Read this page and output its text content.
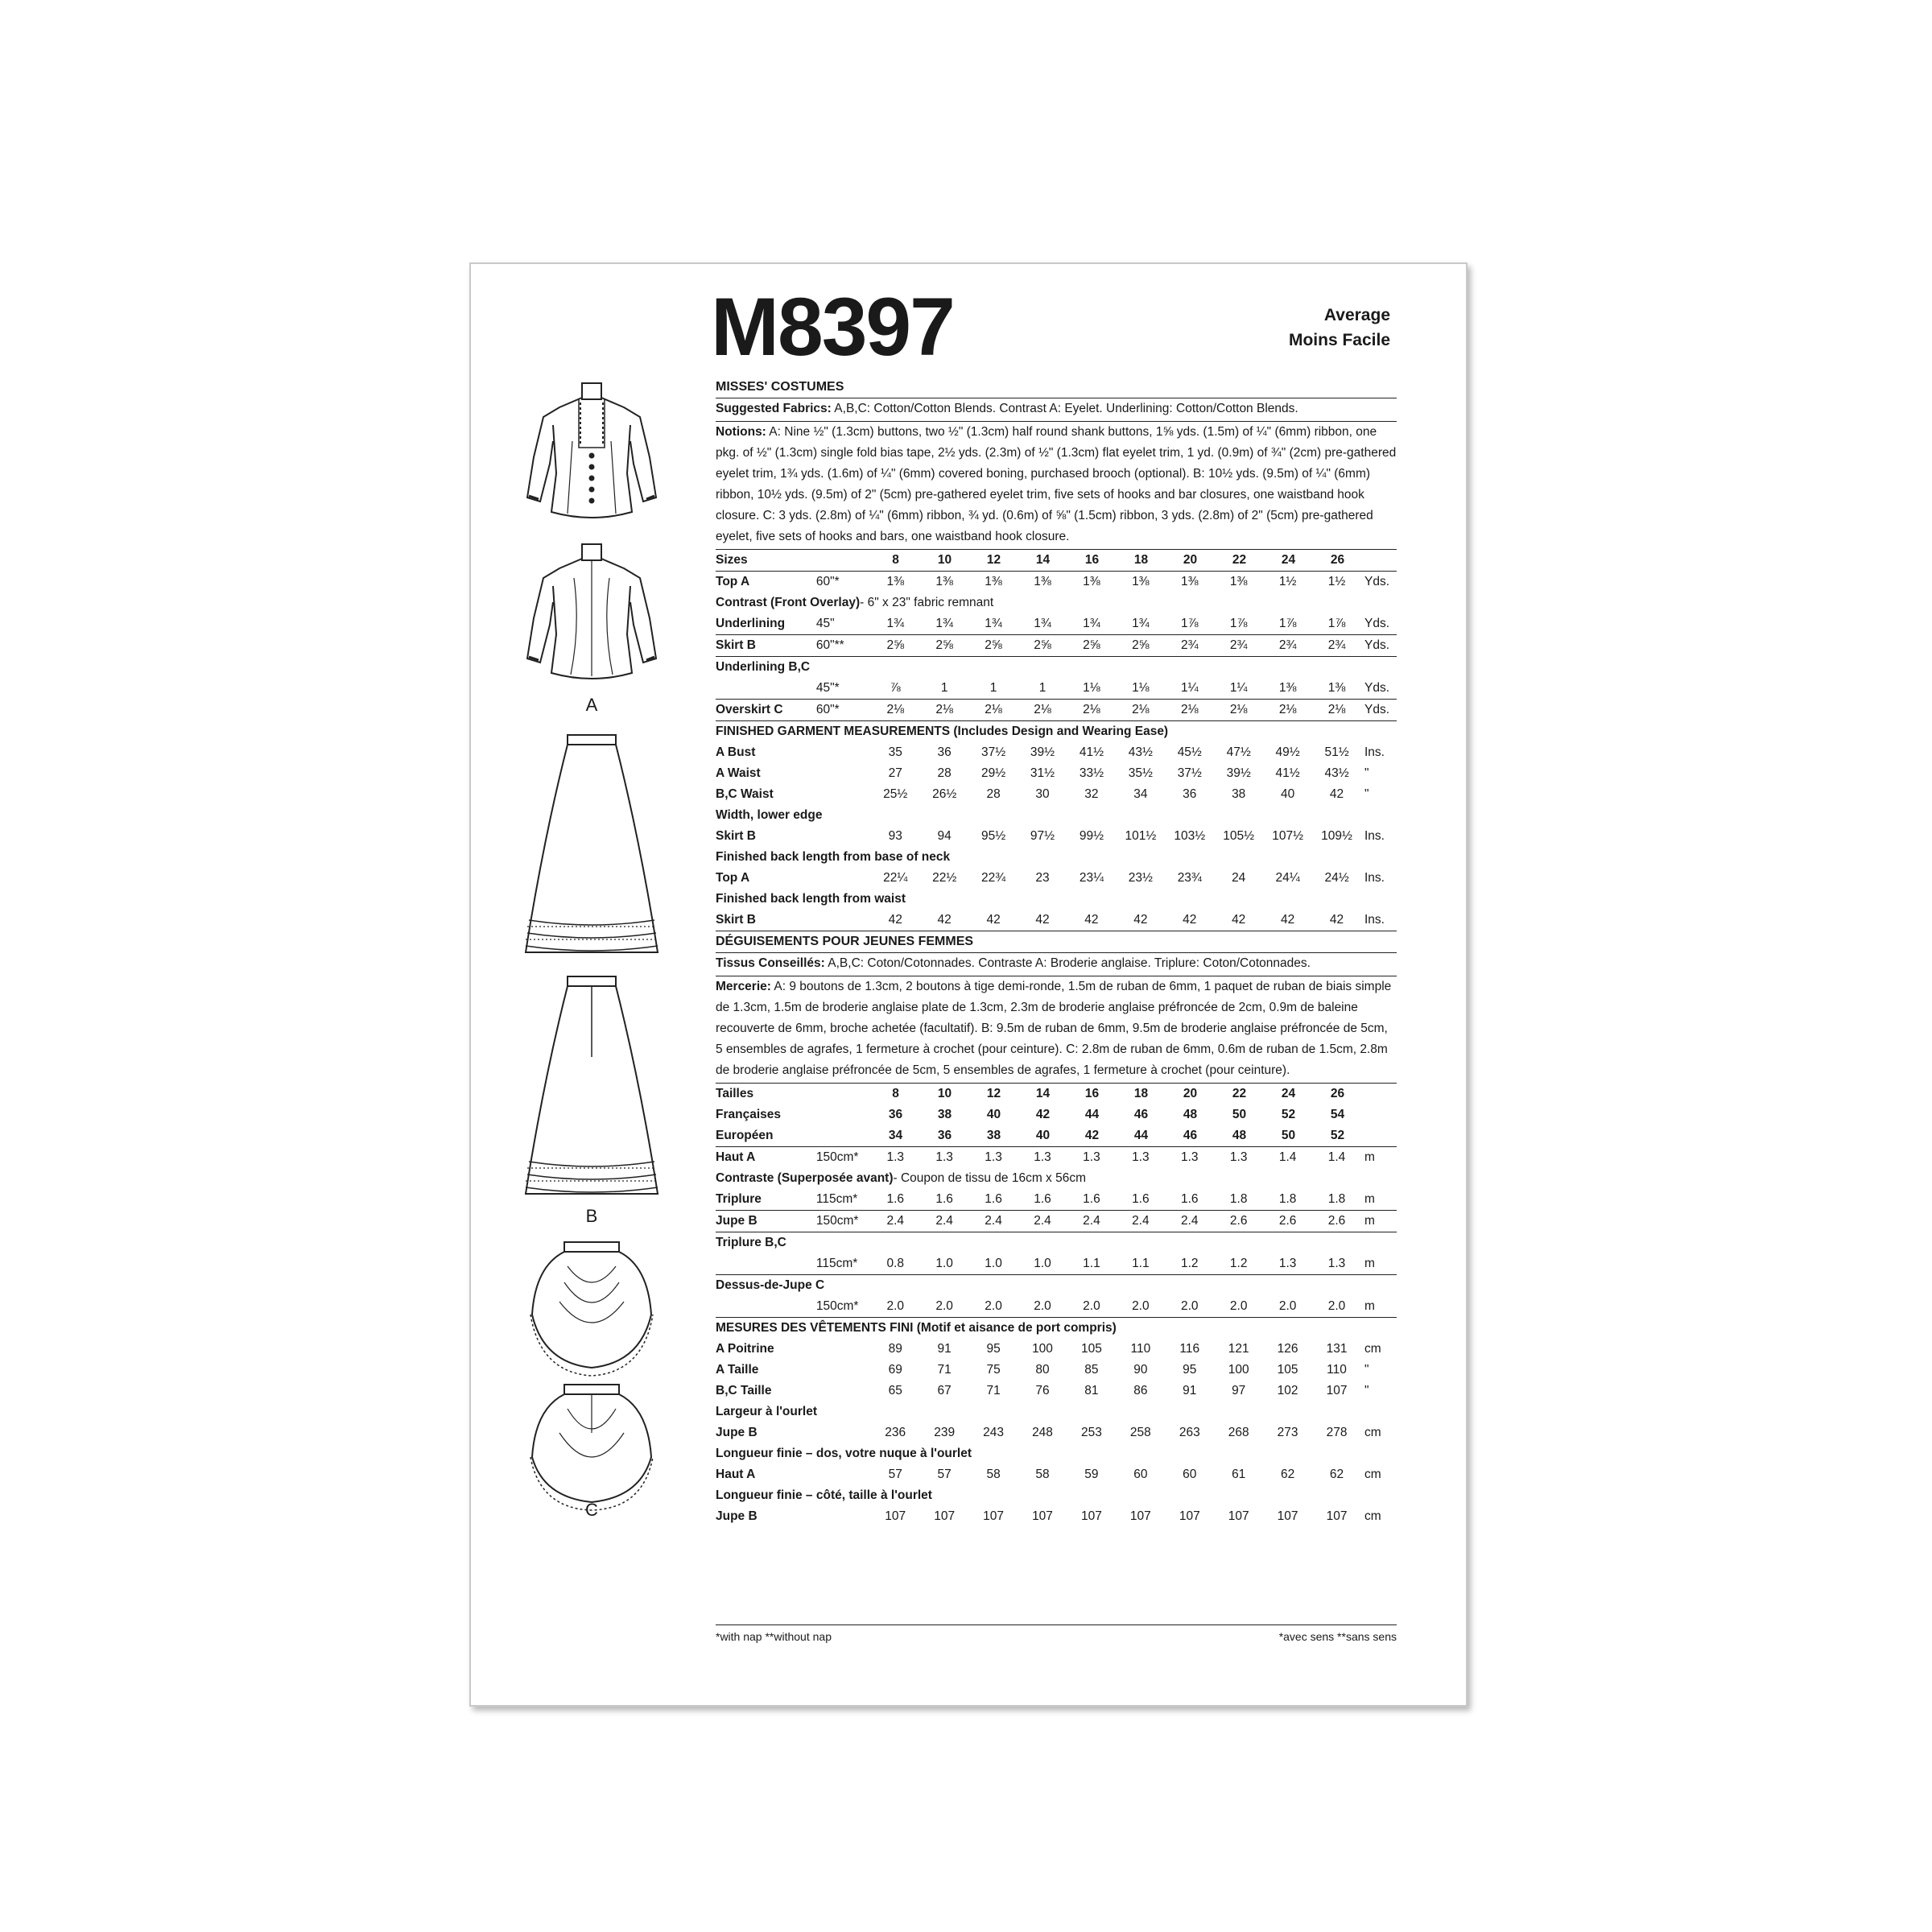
M8397	Average
Moins Facile
A
B
C
MISSES' COSTUMES
Suggested Fabrics: A,B,C: Cotton/Cotton Blends. Contrast A: Eyelet. Underlining: Cotton/Cotton Blends.
Notions: A: Nine ½" (1.3cm) buttons, two ½" (1.3cm) half round shank buttons, 1⅝ yds. (1.5m) of ¼" (6mm) ribbon, one pkg. of ½" (1.3cm) single fold bias tape, 2½ yds. (2.3m) of ½" (1.3cm) flat eyelet trim, 1 yd. (0.9m) of ¾" (2cm) pre-gathered eyelet trim, 1¾ yds. (1.6m) of ¼" (6mm) covered boning, purchased brooch (optional). B: 10½ yds. (9.5m) of ¼" (6mm) ribbon, 10½ yds. (9.5m) of 2" (5cm) pre-gathered eyelet trim, five sets of hooks and bar closures, one waistband hook closure. C: 3 yds. (2.8m) of ¼" (6mm) ribbon, ¾ yd. (0.6m) of ⅝" (1.5cm) ribbon, 3 yds. (2.8m) of 2" (5cm) pre-gathered eyelet, five sets of hooks and bars, one waistband hook closure.
Sizes	8	10	12	14	16	18	20	22	24	26
Top A	60"*	1⅜	1⅜	1⅜	1⅜	1⅜	1⅜	1⅜	1⅜	1½	1½	Yds.
Contrast (Front Overlay) - 6" x 23" fabric remnant
Underlining	45"	1¾	1¾	1¾	1¾	1¾	1¾	1⅞	1⅞	1⅞	1⅞	Yds.
Skirt B	60"**	2⅝	2⅝	2⅝	2⅝	2⅝	2⅝	2¾	2¾	2¾	2¾	Yds.
Underlining B,C
45"*	⅞	1	1	1	1⅛	1⅛	1¼	1¼	1⅜	1⅜	Yds.
Overskirt C	60"*	2⅛	2⅛	2⅛	2⅛	2⅛	2⅛	2⅛	2⅛	2⅛	2⅛	Yds.
FINISHED GARMENT MEASUREMENTS (Includes Design and Wearing Ease)
A Bust	35	36	37½	39½	41½	43½	45½	47½	49½	51½	Ins.
A Waist	27	28	29½	31½	33½	35½	37½	39½	41½	43½	"
B,C Waist	25½	26½	28	30	32	34	36	38	40	42	"
Width, lower edge
Skirt B	93	94	95½	97½	99½	101½	103½	105½	107½	109½ Ins.
Finished back length from base of neck
Top A	22¼	22½	22¾	23	23¼	23½	23¾	24	24¼	24½	Ins.
Finished back length from waist
Skirt B	42	42	42	42	42	42	42	42	42	42	Ins.
DÉGUISEMENTS POUR JEUNES FEMMES
Tissus Conseillés: A,B,C: Coton/Cotonnades. Contraste A: Broderie anglaise. Triplure: Coton/Cotonnades.
Mercerie: A: 9 boutons de 1.3cm, 2 boutons à tige demi-ronde, 1.5m de ruban de 6mm, 1 paquet de ruban de biais simple de 1.3cm, 1.5m de broderie anglaise plate de 1.3cm, 2.3m de broderie anglaise préfroncée de 2cm, 0.9m de baleine recouverte de 6mm, broche achetée (facultatif). B: 9.5m de ruban de 6mm, 9.5m de broderie anglaise préfroncée de 5cm, 5 ensembles de agrafes, 1 fermeture à crochet (pour ceinture). C: 2.8m de ruban de 6mm, 0.6m de ruban de 1.5cm, 2.8m de broderie anglaise préfroncée de 5cm, 5 ensembles de agrafes, 1 fermeture à crochet (pour ceinture).
Tailles	8	10	12	14	16	18	20	22	24	26
Françaises	36	38	40	42	44	46	48	50	52	54
Européen	34	36	38	40	42	44	46	48	50	52
Haut A	150cm*	1.3	1.3	1.3	1.3	1.3	1.3	1.3	1.3	1.4	1.4	m
Contraste (Superposée avant) - Coupon de tissu de 16cm x 56cm
Triplure	115cm*	1.6	1.6	1.6	1.6	1.6	1.6	1.6	1.8	1.8	1.8	m
Jupe B	150cm*	2.4	2.4	2.4	2.4	2.4	2.4	2.4	2.6	2.6	2.6	m
Triplure B,C
115cm*	0.8	1.0	1.0	1.0	1.1	1.1	1.2	1.2	1.3	1.3	m
Dessus-de-Jupe C
150cm*	2.0	2.0	2.0	2.0	2.0	2.0	2.0	2.0	2.0	2.0	m
MESURES DES VÊTEMENTS FINI (Motif et aisance de port compris)
A Poitrine	89	91	95	100	105	110	116	121	126	131	cm
A Taille	69	71	75	80	85	90	95	100	105	110	"
B,C Taille	65	67	71	76	81	86	91	97	102	107	"
Largeur à l'ourlet
Jupe B	236	239	243	248	253	258	263	268	273	278	cm
Longueur finie – dos, votre nuque à l'ourlet
Haut A	57	57	58	58	59	60	60	61	62	62	cm
Longueur finie – côté, taille à l'ourlet
Jupe B	107	107	107	107	107	107	107	107	107	107	cm
*with nap **without nap	*avec sens **sans sens
